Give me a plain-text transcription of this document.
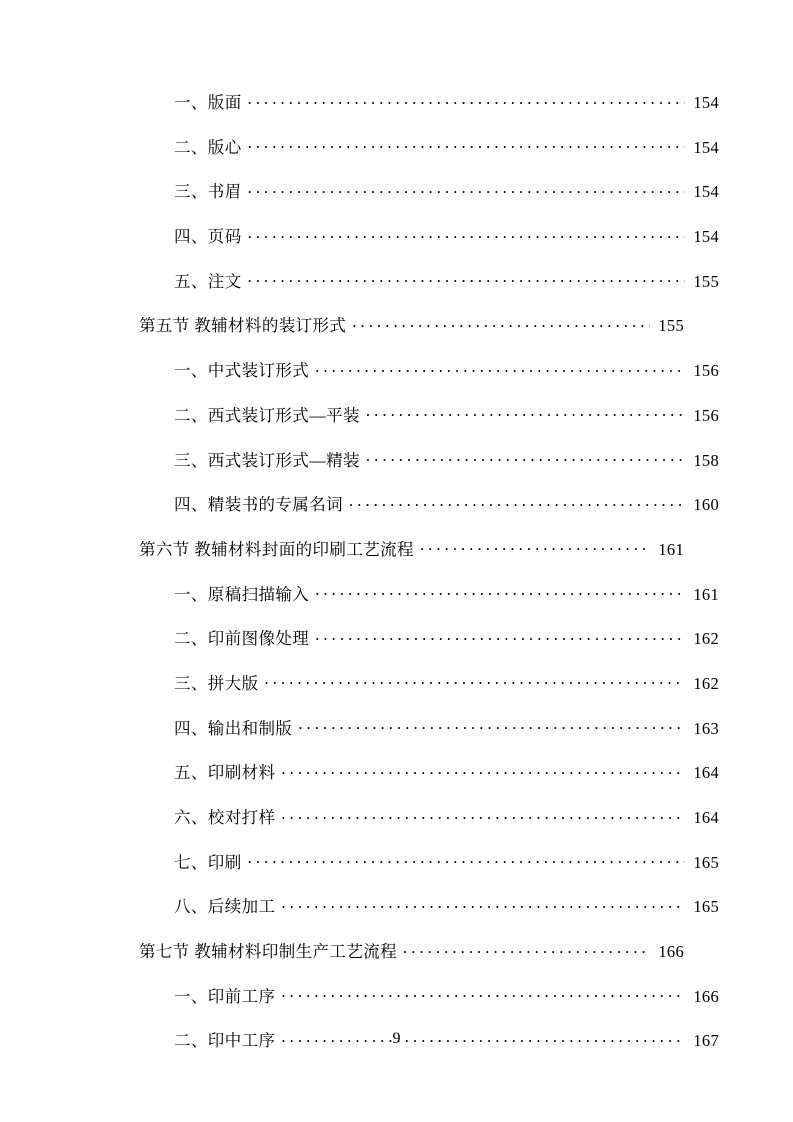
一、版面 .....	154
二、版心 .....	154
三、书眉 .....	154
四、页码 .....	154
五、注文 .....	155
第五节 教辅材料的装订形式 .....	155
一、中式装订形式 .....	156
二、西式装订形式—平装 .....	156
三、西式装订形式—精装 .....	158
四、精装书的专属名词 .....	160
第六节 教辅材料封面的印刷工艺流程 .....	161
一、原稿扫描输入 .....	161
二、印前图像处理 .....	162
三、拼大版 .....	162
四、输出和制版 .....	163
五、印刷材料 .....	164
六、校对打样 .....	164
七、印刷 .....	165
八、后续加工 .....	165
第七节 教辅材料印制生产工艺流程 .....	166
一、印前工序 .....	166
二、印中工序 .....	167
9
